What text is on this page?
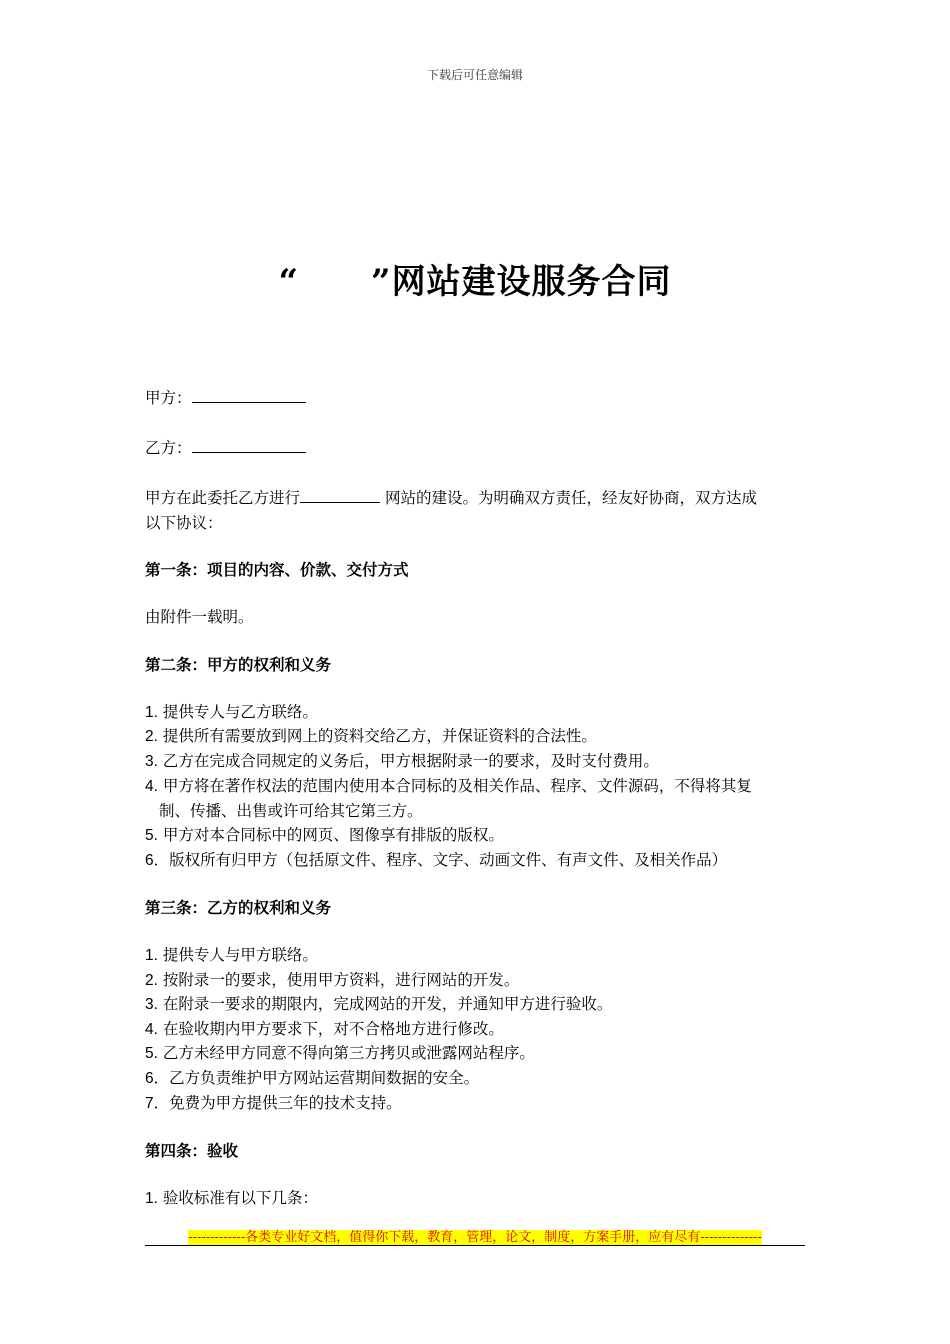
下载后可任意编辑
“ ”网站建设服务合同
甲方：
乙方：
甲方在此委托乙方进行	网站的建设。为明确双方责任，经友好协商，双方达成
以下协议：
第一条：项目的内容、价款、交付方式
由附件一载明。
第二条：甲方的权利和义务
1. 提供专人与乙方联络。
2. 提供所有需要放到网上的资料交给乙方，并保证资料的合法性。
3. 乙方在完成合同规定的义务后，甲方根据附录一的要求，及时支付费用。
4. 甲方将在著作权法的范围内使用本合同标的及相关作品、程序、文件源码，不得将其复
制、传播、出售或许可给其它第三方。
5. 甲方对本合同标中的网页、图像享有排版的版权。
6．版权所有归甲方（包括原文件、程序、文字、动画文件、有声文件、及相关作品）
第三条：乙方的权利和义务
1. 提供专人与甲方联络。
2. 按附录一的要求，使用甲方资料，进行网站的开发。
3. 在附录一要求的期限内，完成网站的开发，并通知甲方进行验收。
4. 在验收期内甲方要求下，对不合格地方进行修改。
5. 乙方未经甲方同意不得向第三方拷贝或泄露网站程序。
6．乙方负责维护甲方网站运营期间数据的安全。
7．免费为甲方提供三年的技术支持。
第四条：验收
1. 验收标准有以下几条：
-------------各类专业好文档，值得你下载，教育，管理，论文，制度，方案手册，应有尽有--------------
